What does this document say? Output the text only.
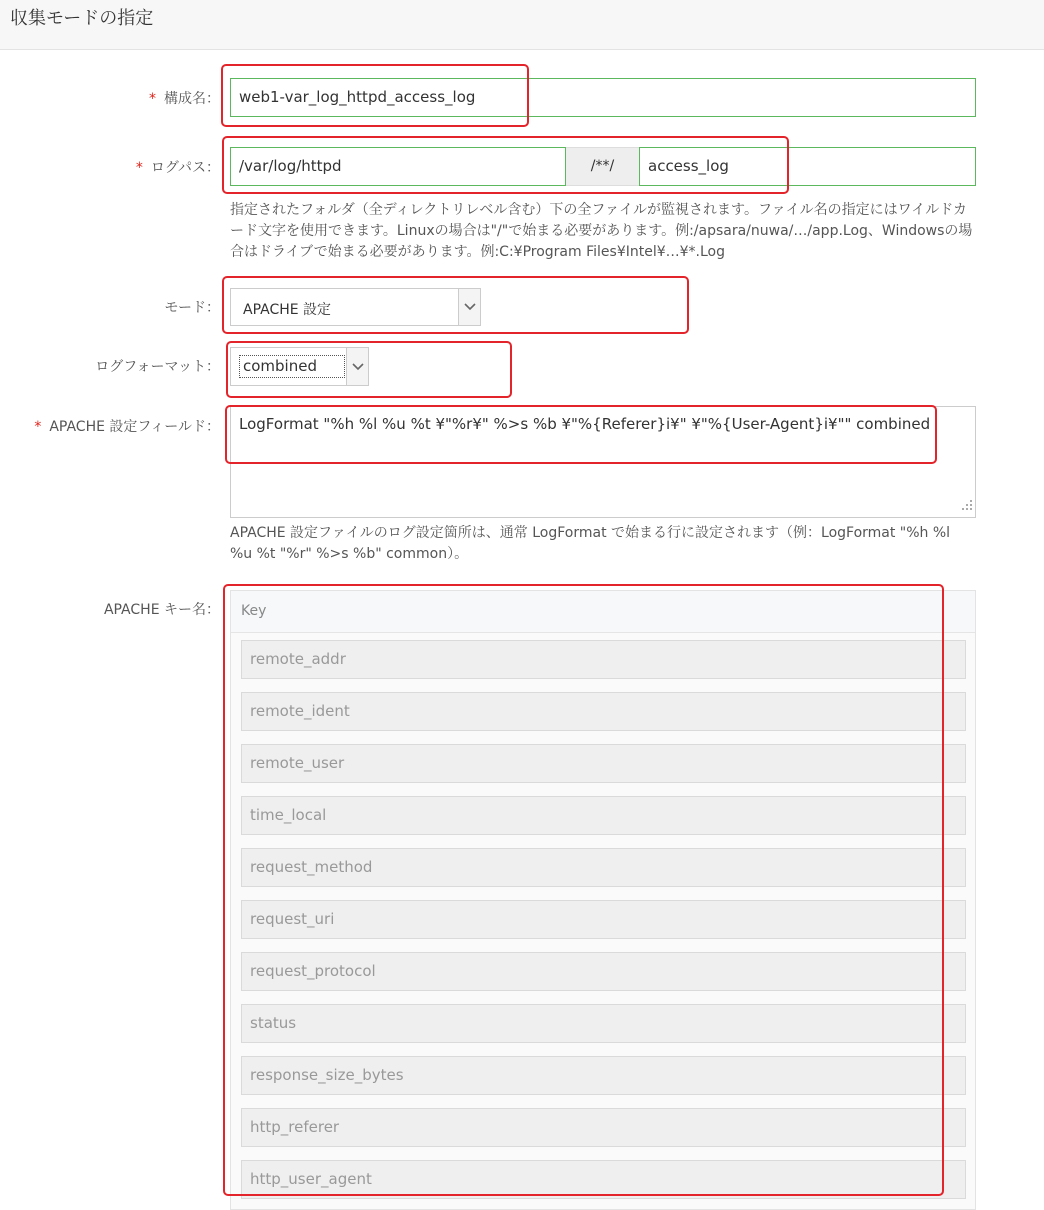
収集モードの指定
* 構成名：	web1-var_log_httpd_access_log
* ログパス：	/var/log/httpd	/**/	access_log
指定されたフォルダ（全ディレクトリレベル含む）下の全ファイルが監視されます。ファイル名の指定にはワイルドカード文字を使用できます。Linuxの場合は"/"で始まる必要があります。例:/apsara/nuwa/…/app.Log、Windowsの場合はドライブで始まる必要があります。例:C:¥Program Files¥Intel¥…¥*.Log
モード： APACHE 設定
ログフォーマット： combined
* APACHE 設定フィールド：	LogFormat "%h %l %u %t ¥"%r¥" %>s %b ¥"%{Referer}i¥" ¥"%{User-Agent}i¥"" combined
APACHE 設定ファイルのログ設定箇所は、通常 LogFormat で始まる行に設定されます（例：LogFormat "%h %l %u %t "%r" %>s %b" common）。
APACHE キー名：	Key
remote_addr
remote_ident
remote_user
time_local
request_method
request_uri
request_protocol
status
response_size_bytes
http_referer
http_user_agent
